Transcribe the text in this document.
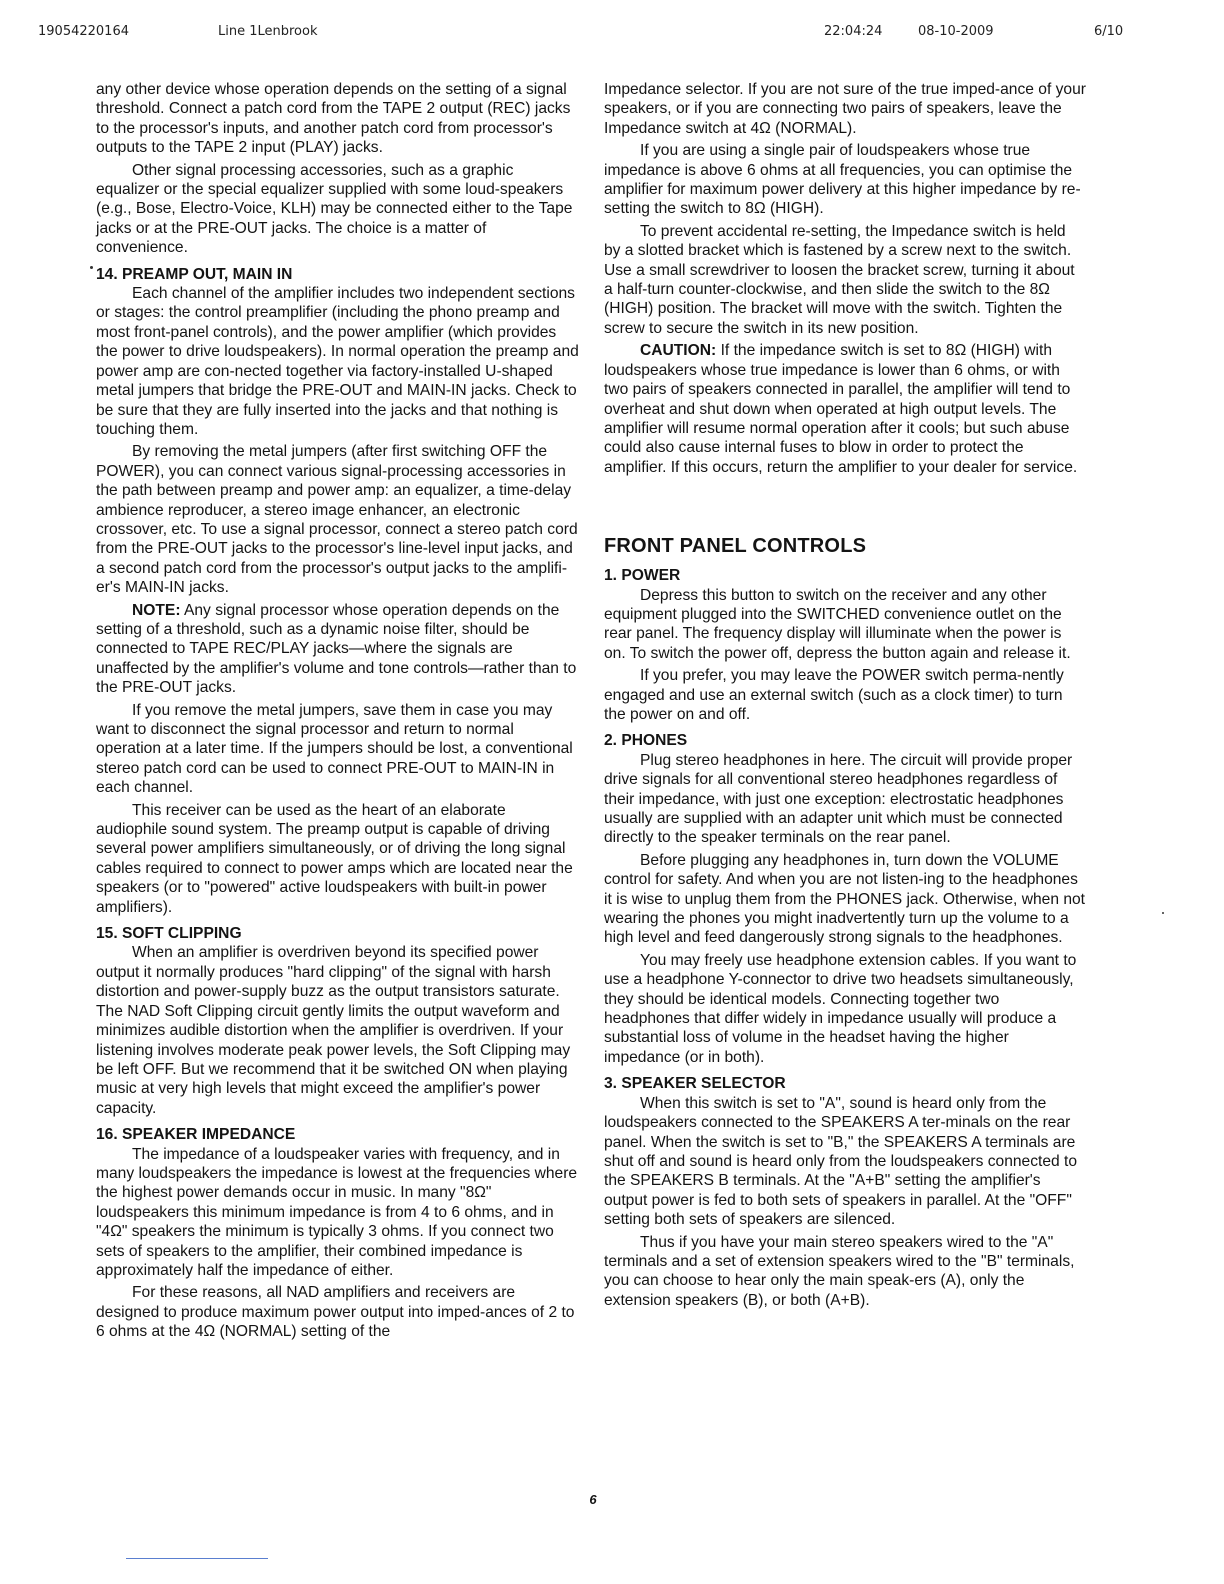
19054220164	Line 1Lenbrook	22:04:24	08-10-2009	6/10

any other device whose operation depends on the setting of a signal threshold. Connect a patch cord from the TAPE 2 output (REC) jacks to the processor's inputs, and another patch cord from processor's outputs to the TAPE 2 input (PLAY) jacks.

Other signal processing accessories, such as a graphic equalizer or the special equalizer supplied with some loud-speakers (e.g., Bose, Electro-Voice, KLH) may be connected either to the Tape jacks or at the PRE-OUT jacks. The choice is a matter of convenience.

14. PREAMP OUT, MAIN IN

Each channel of the amplifier includes two independent sections or stages: the control preamplifier (including the phono preamp and most front-panel controls), and the power amplifier (which provides the power to drive loudspeakers). In normal operation the preamp and power amp are con-nected together via factory-installed U-shaped metal jumpers that bridge the PRE-OUT and MAIN-IN jacks. Check to be sure that they are fully inserted into the jacks and that nothing is touching them.

By removing the metal jumpers (after first switching OFF the POWER), you can connect various signal-processing accessories in the path between preamp and power amp: an equalizer, a time-delay ambience reproducer, a stereo image enhancer, an electronic crossover, etc. To use a signal processor, connect a stereo patch cord from the PRE-OUT jacks to the processor's line-level input jacks, and a second patch cord from the processor's output jacks to the amplifi-er's MAIN-IN jacks.

NOTE: Any signal processor whose operation depends on the setting of a threshold, such as a dynamic noise filter, should be connected to TAPE REC/PLAY jacks—where the signals are unaffected by the amplifier's volume and tone controls—rather than to the PRE-OUT jacks.

If you remove the metal jumpers, save them in case you may want to disconnect the signal processor and return to normal operation at a later time. If the jumpers should be lost, a conventional stereo patch cord can be used to connect PRE-OUT to MAIN-IN in each channel.

This receiver can be used as the heart of an elaborate audiophile sound system. The preamp output is capable of driving several power amplifiers simultaneously, or of driving the long signal cables required to connect to power amps which are located near the speakers (or to "powered" active loudspeakers with built-in power amplifiers).

15. SOFT CLIPPING

When an amplifier is overdriven beyond its specified power output it normally produces "hard clipping" of the signal with harsh distortion and power-supply buzz as the output transistors saturate. The NAD Soft Clipping circuit gently limits the output waveform and minimizes audible distortion when the amplifier is overdriven. If your listening involves moderate peak power levels, the Soft Clipping may be left OFF. But we recommend that it be switched ON when playing music at very high levels that might exceed the amplifier's power capacity.

16. SPEAKER IMPEDANCE

The impedance of a loudspeaker varies with frequency, and in many loudspeakers the impedance is lowest at the frequencies where the highest power demands occur in music. In many "8Ω" loudspeakers this minimum impedance is from 4 to 6 ohms, and in "4Ω" speakers the minimum is typically 3 ohms. If you connect two sets of speakers to the amplifier, their combined impedance is approximately half the impedance of either.

For these reasons, all NAD amplifiers and receivers are designed to produce maximum power output into imped-ances of 2 to 6 ohms at the 4Ω (NORMAL) setting of the

Impedance selector. If you are not sure of the true imped-ance of your speakers, or if you are connecting two pairs of speakers, leave the Impedance switch at 4Ω (NORMAL).

If you are using a single pair of loudspeakers whose true impedance is above 6 ohms at all frequencies, you can optimise the amplifier for maximum power delivery at this higher impedance by re-setting the switch to 8Ω (HIGH).

To prevent accidental re-setting, the Impedance switch is held by a slotted bracket which is fastened by a screw next to the switch. Use a small screwdriver to loosen the bracket screw, turning it about a half-turn counter-clockwise, and then slide the switch to the 8Ω (HIGH) position. The bracket will move with the switch. Tighten the screw to secure the switch in its new position.

CAUTION: If the impedance switch is set to 8Ω (HIGH) with loudspeakers whose true impedance is lower than 6 ohms, or with two pairs of speakers connected in parallel, the amplifier will tend to overheat and shut down when operated at high output levels. The amplifier will resume normal operation after it cools; but such abuse could also cause internal fuses to blow in order to protect the amplifier. If this occurs, return the amplifier to your dealer for service.

FRONT PANEL CONTROLS
1. POWER

Depress this button to switch on the receiver and any other equipment plugged into the SWITCHED convenience outlet on the rear panel. The frequency display will illuminate when the power is on. To switch the power off, depress the button again and release it.

If you prefer, you may leave the POWER switch perma-nently engaged and use an external switch (such as a clock timer) to turn the power on and off.

2. PHONES

Plug stereo headphones in here. The circuit will provide proper drive signals for all conventional stereo headphones regardless of their impedance, with just one exception: electrostatic headphones usually are supplied with an adapter unit which must be connected directly to the speaker terminals on the rear panel.

Before plugging any headphones in, turn down the VOLUME control for safety. And when you are not listen-ing to the headphones it is wise to unplug them from the PHONES jack. Otherwise, when not wearing the phones you might inadvertently turn up the volume to a high level and feed dangerously strong signals to the headphones.

You may freely use headphone extension cables. If you want to use a headphone Y-connector to drive two headsets simultaneously, they should be identical models. Connecting together two headphones that differ widely in impedance usually will produce a substantial loss of volume in the headset having the higher impedance (or in both).

3. SPEAKER SELECTOR

When this switch is set to "A", sound is heard only from the loudspeakers connected to the SPEAKERS A ter-minals on the rear panel. When the switch is set to "B," the SPEAKERS A terminals are shut off and sound is heard only from the loudspeakers connected to the SPEAKERS B terminals. At the "A+B" setting the amplifier's output power is fed to both sets of speakers in parallel. At the "OFF" setting both sets of speakers are silenced.

Thus if you have your main stereo speakers wired to the "A" terminals and a set of extension speakers wired to the "B" terminals, you can choose to hear only the main speak-ers (A), only the extension speakers (B), or both (A+B).

6
